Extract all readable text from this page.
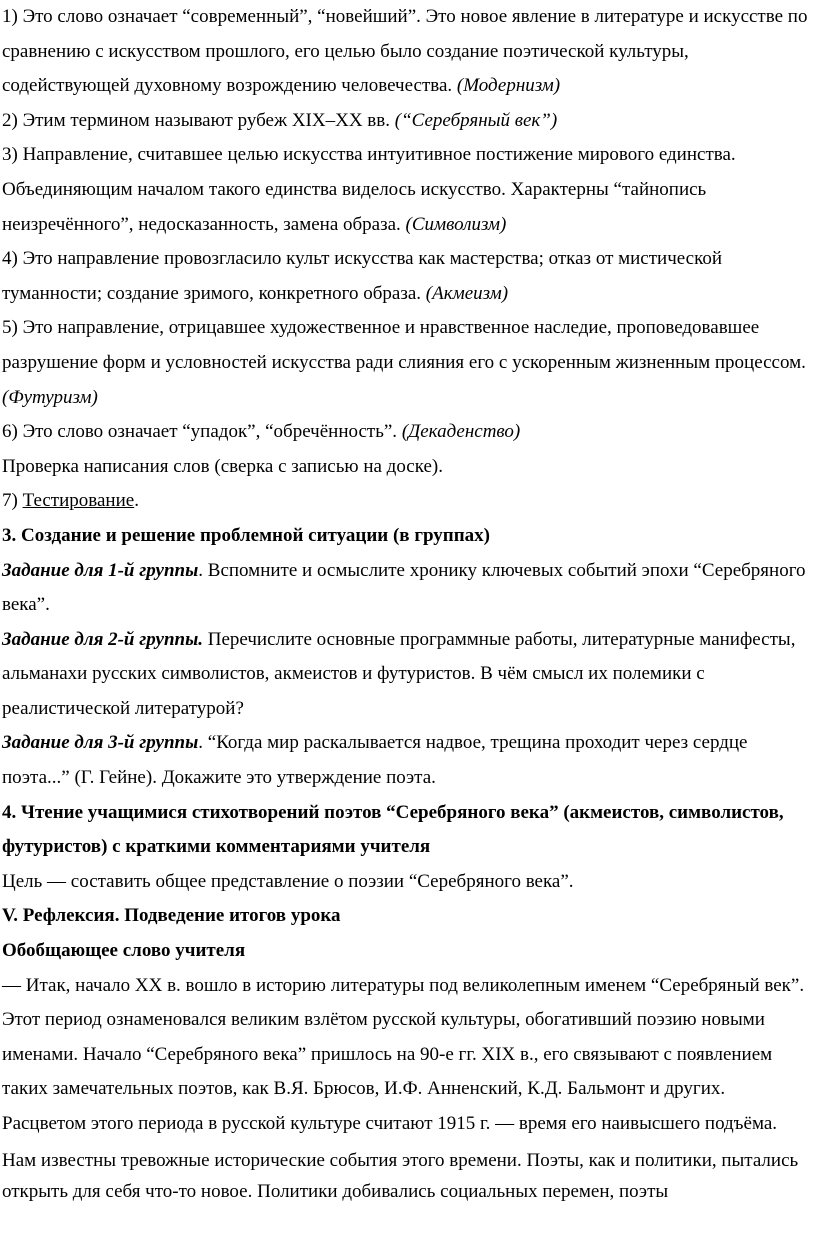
1) Это слово означает “современный”, “новейший”. Это новое явление в литературе и искусстве по сравнению с искусством прошлого, его целью было создание поэтической культуры, содействующей духовному возрождению человечества. (Модернизм)

2) Этим термином называют рубеж XIX–XX вв. (“Серебряный век”)

3) Направление, считавшее целью искусства интуитивное постижение мирового единства. Объединяющим началом такого единства виделось искусство. Характерны “тайнопись неизречённого”, недосказанность, замена образа. (Символизм)

4) Это направление провозгласило культ искусства как мастерства; отказ от мистической туманности; создание зримого, конкретного образа. (Акмеизм)

5) Это направление, отрицавшее художественное и нравственное наследие, проповедовавшее разрушение форм и условностей искусства ради слияния его с ускоренным жизненным процессом. (Футуризм)

6) Это слово означает “упадок”, “обречённость”. (Декаденство)

Проверка написания слов (сверка с записью на доске).

7) Тестирование.

3. Создание и решение проблемной ситуации (в группах)

Задание для 1-й группы. Вспомните и осмыслите хронику ключевых событий эпохи “Серебряного века”.

Задание для 2-й группы. Перечислите основные программные работы, литературные манифесты, альманахи русских символистов, акмеистов и футуристов. В чём смысл их полемики с реалистической литературой?

Задание для 3-й группы. “Когда мир раскалывается надвое, трещина проходит через сердце поэта...” (Г. Гейне). Докажите это утверждение поэта.

4. Чтение учащимися стихотворений поэтов “Серебряного века” (акмеистов, символистов, футуристов) с краткими комментариями учителя

Цель — составить общее представление о поэзии “Серебряного века”.

V. Рефлексия. Подведение итогов урока

Обобщающее слово учителя

— Итак, начало XX в. вошло в историю литературы под великолепным именем “Серебряный век”. Этот период ознаменовался великим взлётом русской культуры, обогативший поэзию новыми именами. Начало “Серебряного века” пришлось на 90-е гг. XIX в., его связывают с появлением таких замечательных поэтов, как В.Я. Брюсов, И.Ф. Анненский, К.Д. Бальмонт и других. Расцветом этого периода в русской культуре считают 1915 г. — время его наивысшего подъёма.

Нам известны тревожные исторические события этого времени. Поэты, как и политики, пытались открыть для себя что-то новое. Политики добивались социальных перемен, поэты
